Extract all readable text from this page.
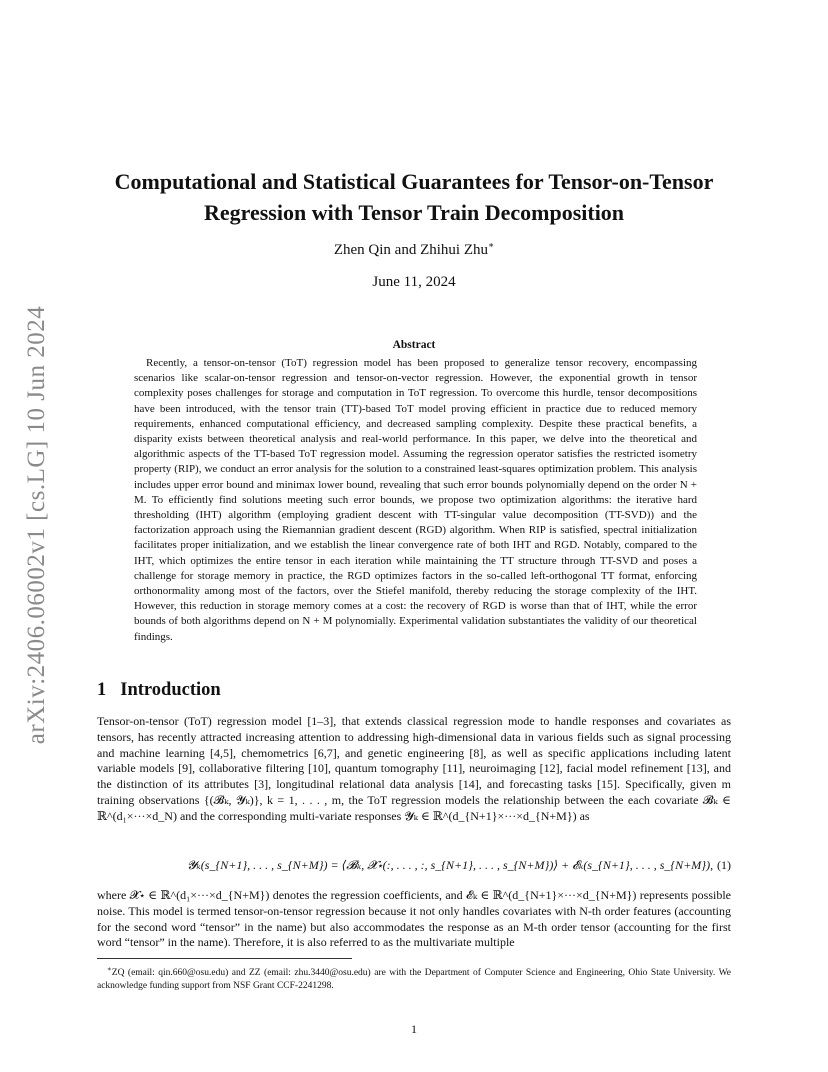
arXiv:2406.06002v1 [cs.LG] 10 Jun 2024
Computational and Statistical Guarantees for Tensor-on-Tensor Regression with Tensor Train Decomposition
Zhen Qin and Zhihui Zhu∗
June 11, 2024
Abstract

Recently, a tensor-on-tensor (ToT) regression model has been proposed to generalize tensor recovery, encompassing scenarios like scalar-on-tensor regression and tensor-on-vector regression. However, the exponential growth in tensor complexity poses challenges for storage and computation in ToT regression. To overcome this hurdle, tensor decompositions have been introduced, with the tensor train (TT)-based ToT model proving efficient in practice due to reduced memory requirements, enhanced computational efficiency, and decreased sampling complexity. Despite these practical benefits, a disparity exists between theoretical analysis and real-world performance. In this paper, we delve into the theoretical and algorithmic aspects of the TT-based ToT regression model. Assuming the regression operator satisfies the restricted isometry property (RIP), we conduct an error analysis for the solution to a constrained least-squares optimization problem. This analysis includes upper error bound and minimax lower bound, revealing that such error bounds polynomially depend on the order N + M. To efficiently find solutions meeting such error bounds, we propose two optimization algorithms: the iterative hard thresholding (IHT) algorithm (employing gradient descent with TT-singular value decomposition (TT-SVD)) and the factorization approach using the Riemannian gradient descent (RGD) algorithm. When RIP is satisfied, spectral initialization facilitates proper initialization, and we establish the linear convergence rate of both IHT and RGD. Notably, compared to the IHT, which optimizes the entire tensor in each iteration while maintaining the TT structure through TT-SVD and poses a challenge for storage memory in practice, the RGD optimizes factors in the so-called left-orthogonal TT format, enforcing orthonormality among most of the factors, over the Stiefel manifold, thereby reducing the storage complexity of the IHT. However, this reduction in storage memory comes at a cost: the recovery of RGD is worse than that of IHT, while the error bounds of both algorithms depend on N + M polynomially. Experimental validation substantiates the validity of our theoretical findings.

1 Introduction

Tensor-on-tensor (ToT) regression model [1–3], that extends classical regression mode to handle responses and covariates as tensors, has recently attracted increasing attention to addressing high-dimensional data in various fields such as signal processing and machine learning [4,5], chemometrics [6,7], and genetic engineering [8], as well as specific applications including latent variable models [9], collaborative filtering [10], quantum tomography [11], neuroimaging [12], facial model refinement [13], and the distinction of its attributes [3], longitudinal relational data analysis [14], and forecasting tasks [15]. Specifically, given m training observations {(𝓑ₖ, 𝓨ₖ)}, k = 1, . . . , m, the ToT regression models the relationship between the each covariate 𝓑ₖ ∈ ℝ^(d₁×···×d_N) and the corresponding multi-variate responses 𝓨ₖ ∈ ℝ^(d_{N+1}×···×d_{N+M}) as

𝓨ₖ(s_{N+1}, . . . , s_{N+M}) = ⟨𝓑ₖ, 𝓧⋆(:, . . . , :, s_{N+1}, . . . , s_{N+M})⟩ + 𝓔ₖ(s_{N+1}, . . . , s_{N+M}), (1)

where 𝓧⋆ ∈ ℝ^(d₁×···×d_{N+M}) denotes the regression coefficients, and 𝓔ₖ ∈ ℝ^(d_{N+1}×···×d_{N+M}) represents possible noise. This model is termed tensor-on-tensor regression because it not only handles covariates with N-th order features (accounting for the second word “tensor” in the name) but also accommodates the response as an M-th order tensor (accounting for the first word “tensor” in the name). Therefore, it is also referred to as the multivariate multiple

∗ZQ (email: qin.660@osu.edu) and ZZ (email: zhu.3440@osu.edu) are with the Department of Computer Science and Engineering, Ohio State University. We acknowledge funding support from NSF Grant CCF-2241298.

1
